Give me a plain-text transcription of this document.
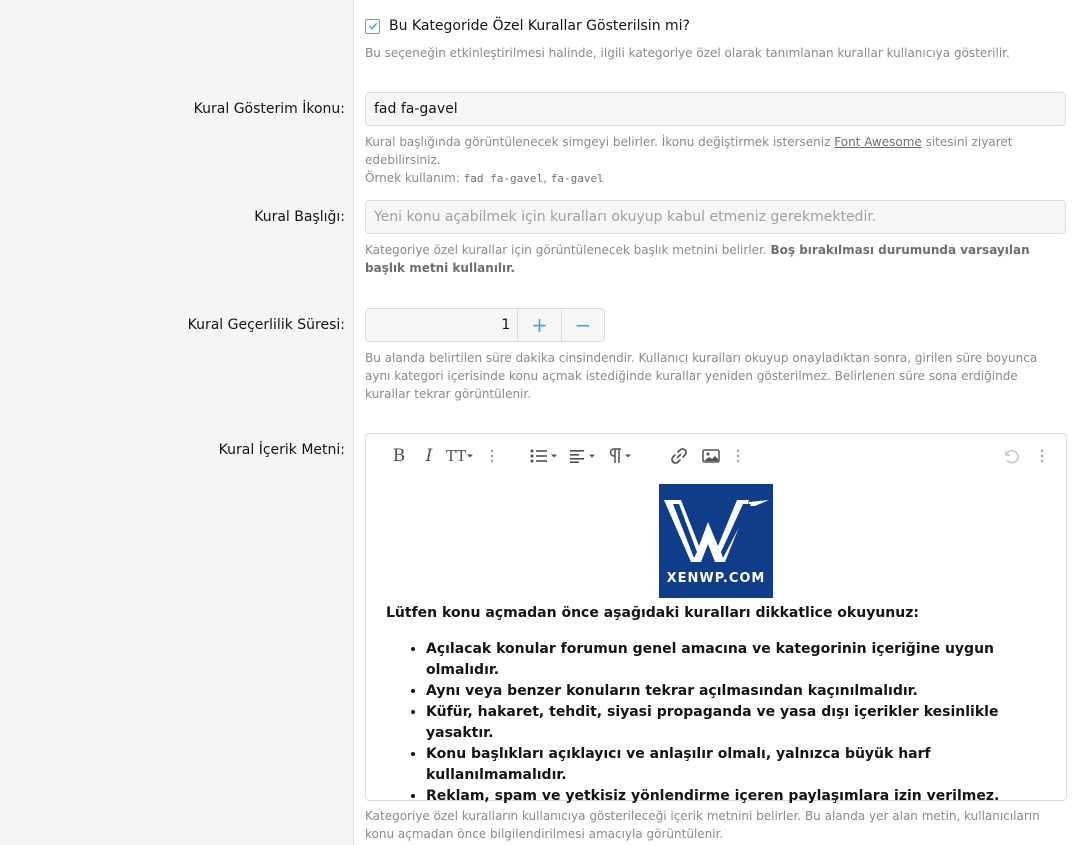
Bu Kategoride Özel Kurallar Gösterilsin mi?
Bu seçeneğin etkinleştirilmesi halinde, ilgili kategoriye özel olarak tanımlanan kurallar kullanıcıya gösterilir.
Kural Gösterim İkonu:
fad fa-gavel
Kural başlığında görüntülenecek simgeyi belirler. İkonu değiştirmek isterseniz Font Awesome sitesini ziyaret edebilirsiniz.
Örnek kullanım: fad fa-gavel, fa-gavel
Kural Başlığı:
Yeni konu açabilmek için kuralları okuyup kabul etmeniz gerekmektedir.
Kategoriye özel kurallar için görüntülenecek başlık metnini belirler. Boş bırakılması durumunda varsayılan başlık metni kullanılır.
Kural Geçerlilik Süresi:	1	+	−
Bu alanda belirtilen süre dakika cinsindendir. Kullanıcı kuralları okuyup onayladıktan sonra, girilen süre boyunca aynı kategori içerisinde konu açmak istediğinde kurallar yeniden gösterilmez. Belirlenen süre sona erdiğinde kurallar tekrar görüntülenir.
Kural İçerik Metni:	B	I TT
XENWP.COM
Lütfen konu açmadan önce aşağıdaki kuralları dikkatlice okuyunuz:
• Açılacak konular forumun genel amacına ve kategorinin içeriğine uygun olmalıdır.
• Aynı veya benzer konuların tekrar açılmasından kaçınılmalıdır.
• Küfür, hakaret, tehdit, siyasi propaganda ve yasa dışı içerikler kesinlikle yasaktır.
• Konu başlıkları açıklayıcı ve anlaşılır olmalı, yalnızca büyük harf kullanılmamalıdır.
• Reklam, spam ve yetkisiz yönlendirme içeren paylaşımlara izin verilmez.
Kategoriye özel kuralların kullanıcıya gösterileceği içerik metnini belirler. Bu alanda yer alan metin, kullanıcıların konu açmadan önce bilgilendirilmesi amacıyla görüntülenir.
